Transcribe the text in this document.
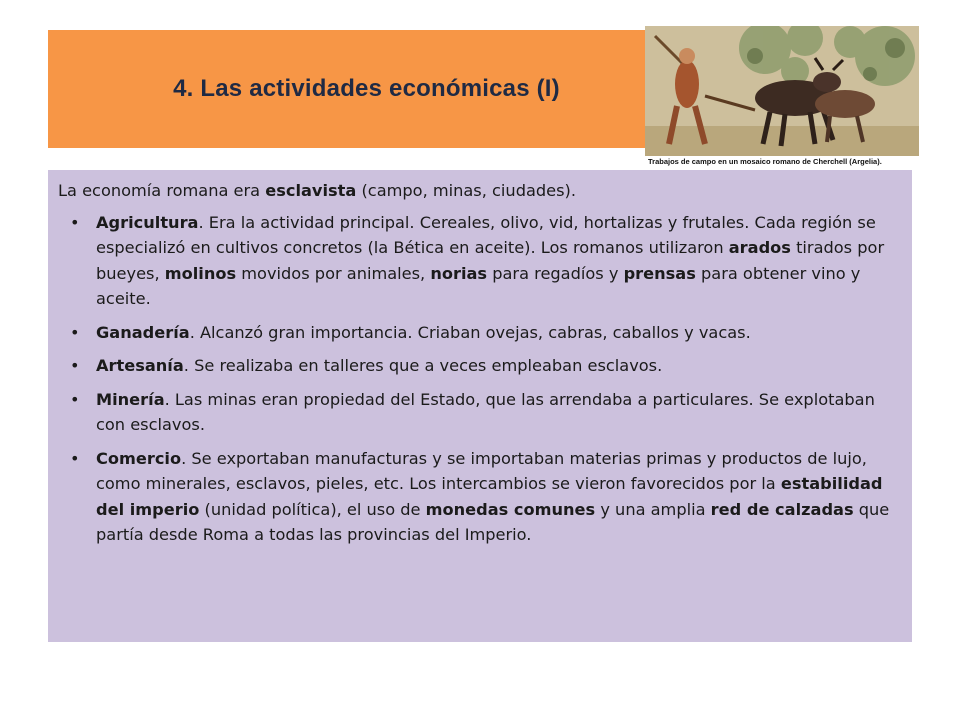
4. Las actividades económicas (I)
Trabajos de campo en un mosaico romano de Cherchell (Argelia).

La economía romana era esclavista (campo, minas, ciudades).

• Agricultura. Era la actividad principal. Cereales, olivo, vid, hortalizas y frutales. Cada región se especializó en cultivos concretos (la Bética en aceite). Los romanos utilizaron arados tirados por bueyes, molinos movidos por animales, norias para regadíos y prensas para obtener vino y aceite.
• Ganadería. Alcanzó gran importancia. Criaban ovejas, cabras, caballos y vacas.
• Artesanía. Se realizaba en talleres que a veces empleaban esclavos.
• Minería. Las minas eran propiedad del Estado, que las arrendaba a particulares. Se explotaban con esclavos.
• Comercio. Se exportaban manufacturas y se importaban materias primas y productos de lujo, como minerales, esclavos, pieles, etc. Los intercambios se vieron favorecidos por la estabilidad del imperio (unidad política), el uso de monedas comunes y una amplia red de calzadas que partía desde Roma a todas las provincias del Imperio.
